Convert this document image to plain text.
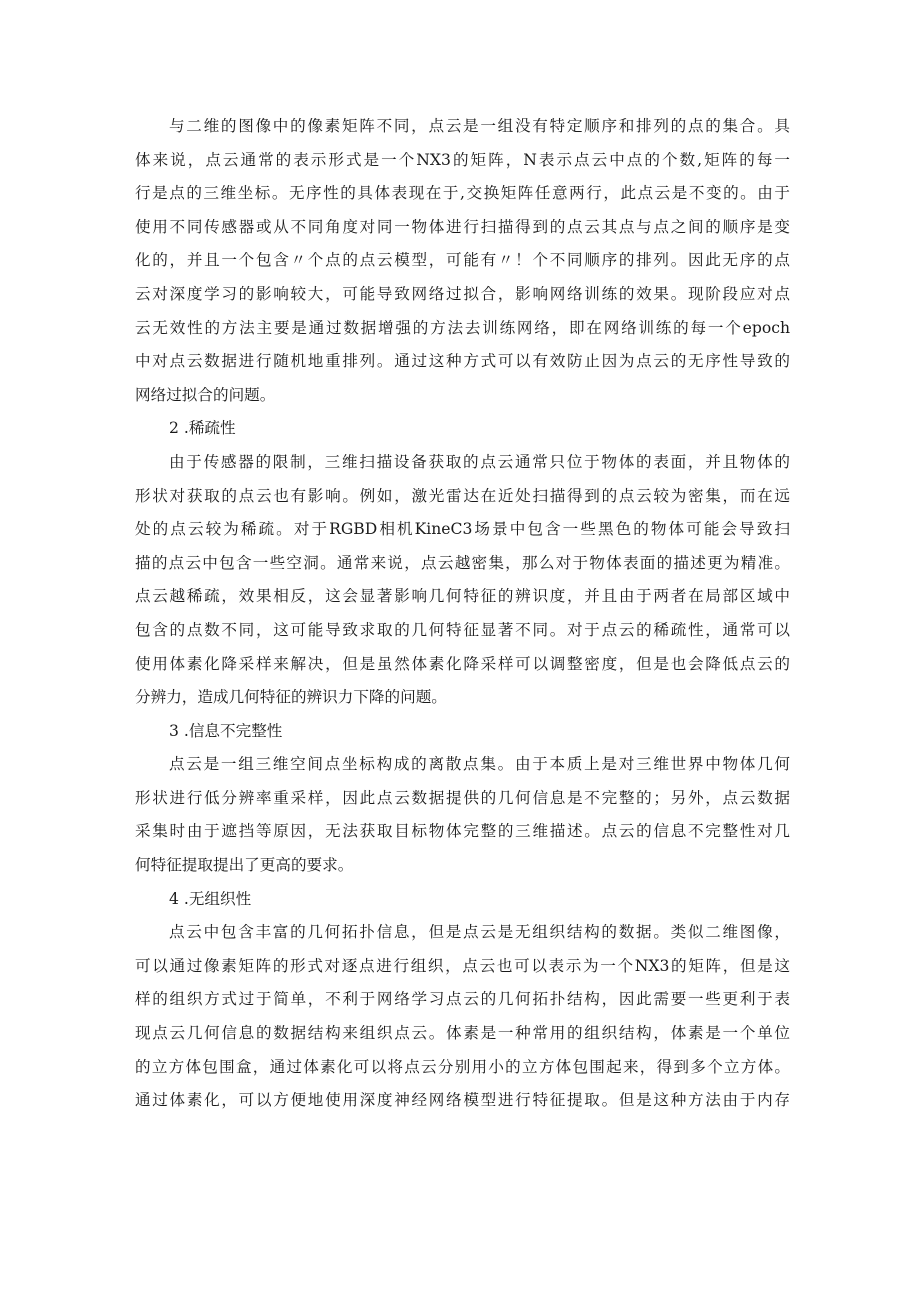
与二维的图像中的像素矩阵不同，点云是一组没有特定顺序和排列的点的集合。具
体来说，点云通常的表示形式是一个NX3的矩阵，N表示点云中点的个数,矩阵的每一
行是点的三维坐标。无序性的具体表现在于,交换矩阵任意两行，此点云是不变的。由于
使用不同传感器或从不同角度对同一物体进行扫描得到的点云其点与点之间的顺序是变
化的，并且一个包含〃个点的点云模型，可能有〃！个不同顺序的排列。因此无序的点
云对深度学习的影响较大，可能导致网络过拟合，影响网络训练的效果。现阶段应对点
云无效性的方法主要是通过数据增强的方法去训练网络，即在网络训练的每一个epoch
中对点云数据进行随机地重排列。通过这种方式可以有效防止因为点云的无序性导致的
网络过拟合的问题。
2 .稀疏性
由于传感器的限制，三维扫描设备获取的点云通常只位于物体的表面，并且物体的
形状对获取的点云也有影响。例如，激光雷达在近处扫描得到的点云较为密集，而在远
处的点云较为稀疏。对于RGBD相机KineC3场景中包含一些黑色的物体可能会导致扫
描的点云中包含一些空洞。通常来说，点云越密集，那么对于物体表面的描述更为精准。
点云越稀疏，效果相反，这会显著影响几何特征的辨识度，并且由于两者在局部区域中
包含的点数不同，这可能导致求取的几何特征显著不同。对于点云的稀疏性，通常可以
使用体素化降采样来解决，但是虽然体素化降采样可以调整密度，但是也会降低点云的
分辨力，造成几何特征的辨识力下降的问题。
3 .信息不完整性
点云是一组三维空间点坐标构成的离散点集。由于本质上是对三维世界中物体几何
形状进行低分辨率重采样，因此点云数据提供的几何信息是不完整的；另外，点云数据
采集时由于遮挡等原因，无法获取目标物体完整的三维描述。点云的信息不完整性对几
何特征提取提出了更高的要求。
4 .无组织性
点云中包含丰富的几何拓扑信息，但是点云是无组织结构的数据。类似二维图像，
可以通过像素矩阵的形式对逐点进行组织，点云也可以表示为一个NX3的矩阵，但是这
样的组织方式过于简单，不利于网络学习点云的几何拓扑结构，因此需要一些更利于表
现点云几何信息的数据结构来组织点云。体素是一种常用的组织结构，体素是一个单位
的立方体包围盒，通过体素化可以将点云分别用小的立方体包围起来，得到多个立方体。
通过体素化，可以方便地使用深度神经网络模型进行特征提取。但是这种方法由于内存
